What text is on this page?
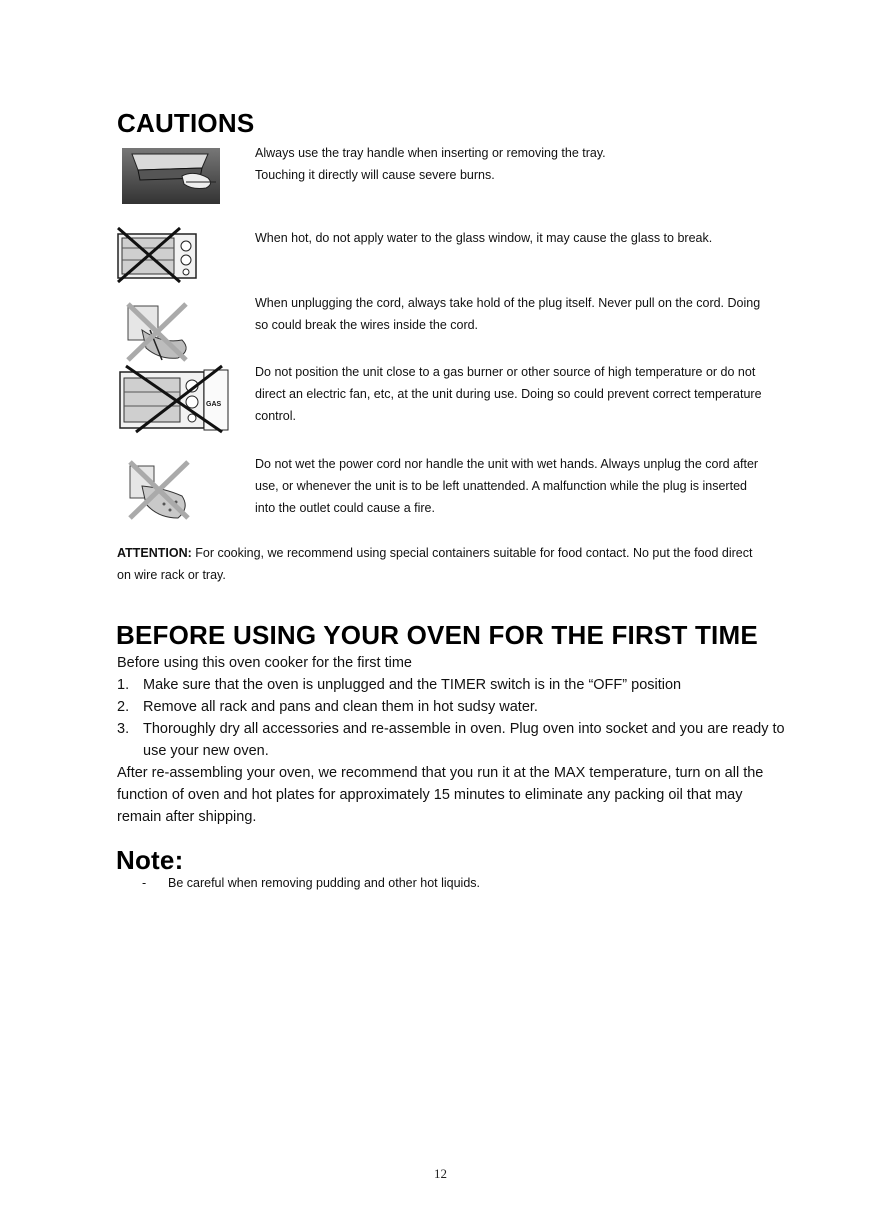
CAUTIONS
Always use the tray handle when inserting or removing the tray.
Touching it directly will cause severe burns.
When hot, do not apply water to the glass window, it may cause the glass to break.
When unplugging the cord, always take hold of the plug itself. Never pull on the cord. Doing
so could break the wires inside the cord.
GAS
Do not position the unit close to a gas burner or other source of high temperature or do not
direct an electric fan, etc, at the unit during use. Doing so could prevent correct temperature
control.
Do not wet the power cord nor handle the unit with wet hands. Always unplug the cord after
use, or whenever the unit is to be left unattended. A malfunction while the plug is inserted
into the outlet could cause a fire.
ATTENTION: For cooking, we recommend using special containers suitable for food contact. No put the food direct
on wire rack or tray.
BEFORE USING YOUR OVEN FOR THE FIRST TIME
Before using this oven cooker for the first time
1. Make sure that the oven is unplugged and the TIMER switch is in the “OFF” position
2. Remove all rack and pans and clean them in hot sudsy water.
3. Thoroughly dry all accessories and re-assemble in oven. Plug oven into socket and you are ready to
use your new oven.
After re-assembling your oven, we recommend that you run it at the MAX temperature, turn on all the
function of oven and hot plates for approximately 15 minutes to eliminate any packing oil that may
remain after shipping.
Note:
- Be careful when removing pudding and other hot liquids.
12
